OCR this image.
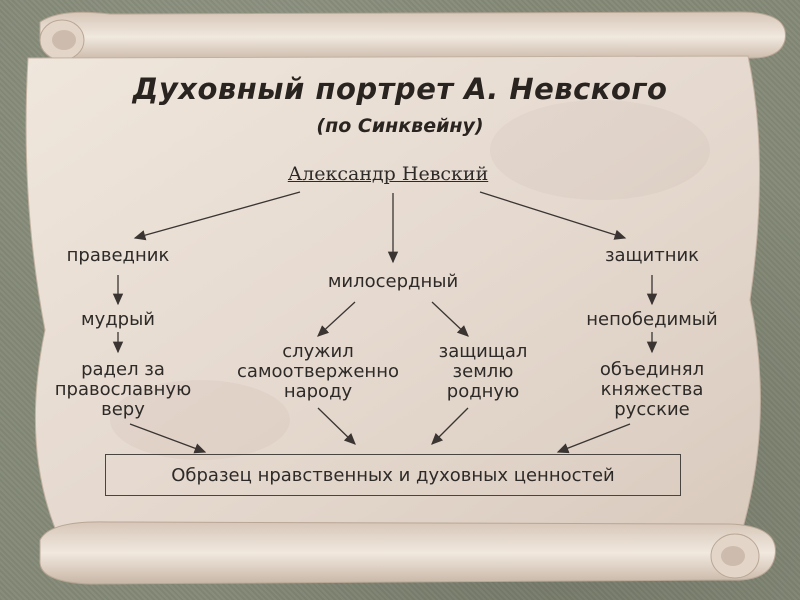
Духовный портрет А. Невского
(по Синквейну)
Александр Невский
праведник
мудрый
радел за
православную
веру
милосердный
служил
самоотверженно
народу
защищал
землю
родную
защитник
непобедимый
объединял
княжества
русские
Образец нравственных и духовных ценностей
